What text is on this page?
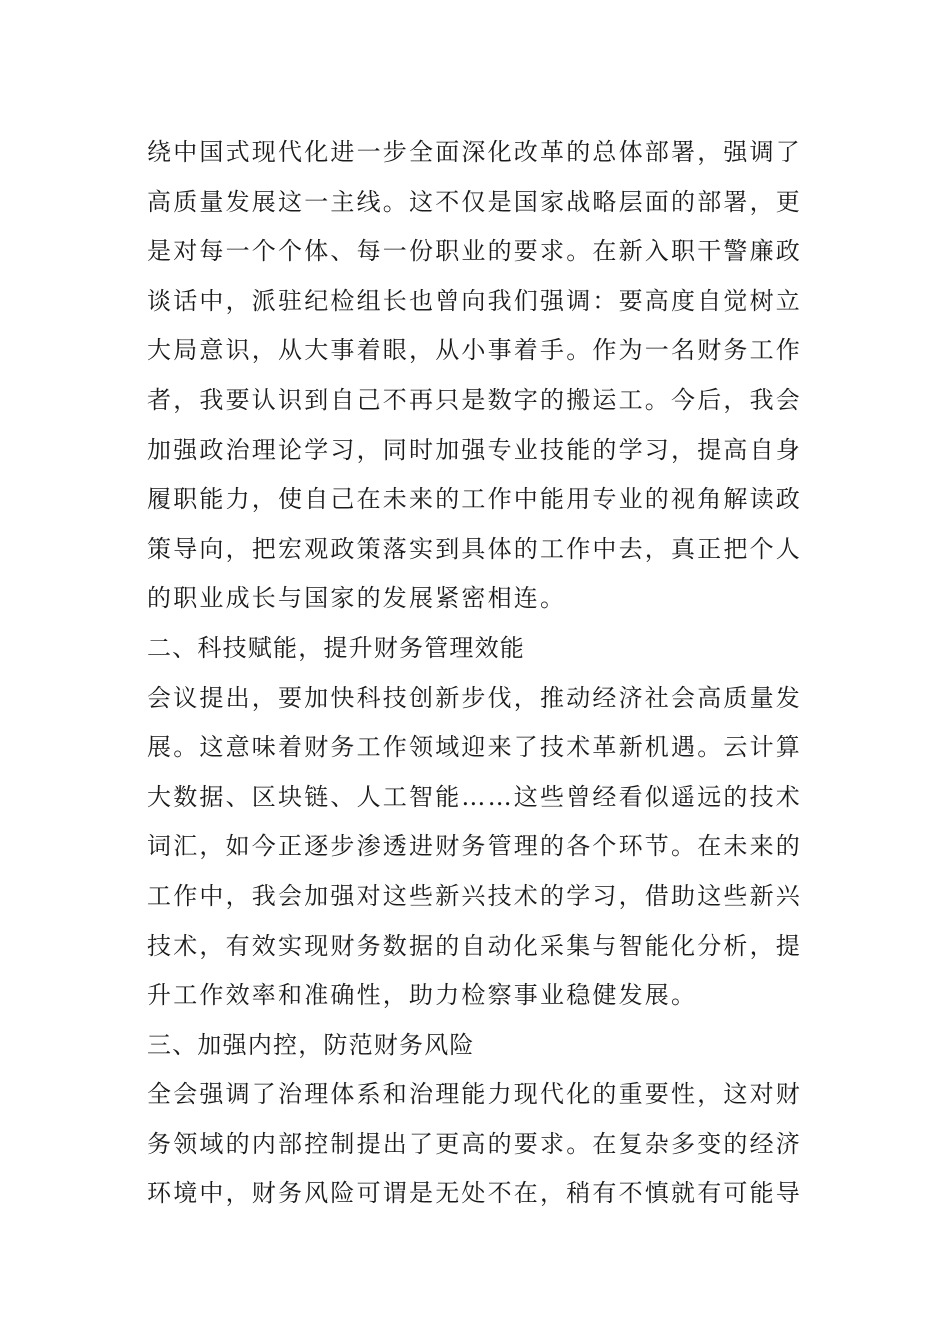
绕中国式现代化进一步全面深化改革的总体部署，强调了
高质量发展这一主线。这不仅是国家战略层面的部署，更
是对每一个个体、每一份职业的要求。在新入职干警廉政
谈话中，派驻纪检组长也曾向我们强调：要高度自觉树立
大局意识，从大事着眼，从小事着手。作为一名财务工作
者，我要认识到自己不再只是数字的搬运工。今后，我会
加强政治理论学习，同时加强专业技能的学习，提高自身
履职能力，使自己在未来的工作中能用专业的视角解读政
策导向，把宏观政策落实到具体的工作中去，真正把个人
的职业成长与国家的发展紧密相连。
二、科技赋能，提升财务管理效能
会议提出，要加快科技创新步伐，推动经济社会高质量发
展。这意味着财务工作领域迎来了技术革新机遇。云计算
大数据、区块链、人工智能……这些曾经看似遥远的技术
词汇，如今正逐步渗透进财务管理的各个环节。在未来的
工作中，我会加强对这些新兴技术的学习，借助这些新兴
技术，有效实现财务数据的自动化采集与智能化分析，提
升工作效率和准确性，助力检察事业稳健发展。
三、加强内控，防范财务风险
全会强调了治理体系和治理能力现代化的重要性，这对财
务领域的内部控制提出了更高的要求。在复杂多变的经济
环境中，财务风险可谓是无处不在，稍有不慎就有可能导
